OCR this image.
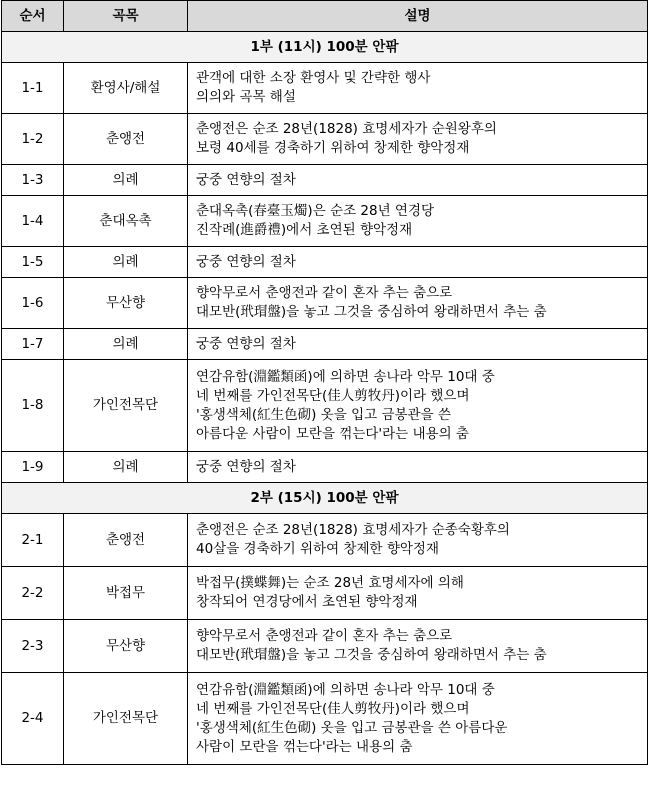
순서	곡목	설명
1부 (11시) 100분 안팎		
1-1	환영사/해설	관객에 대한 소장 환영사 및 간략한 행사
의의와 곡목 해설

1-2	춘앵전	춘앵전은 순조 28년(1828) 효명세자가 순원왕후의
보령 40세를 경축하기 위하여 창제한 향악정재

1-3	의례	궁중 연향의 절차

1-4	춘대옥촉	춘대옥촉(春臺玉燭)은 순조 28년 연경당
진작례(進爵禮)에서 초연된 향악정재

1-5	의례	궁중 연향의 절차

1-6	무산향	향악무로서 춘앵전과 같이 혼자 추는 춤으로
대모반(玳瑁盤)을 놓고 그것을 중심하여 왕래하면서 추는 춤

1-7	의례	궁중 연향의 절차

1-8	가인전목단	연감유함(淵鑑類函)에 의하면 송나라 악무 10대 중
네 번째를 가인전목단(佳人剪牧丹)이라 했으며
'홍생색체(紅生色砌) 옷을 입고 금봉관을 쓴
아름다운 사람이 모란을 꺾는다'라는 내용의 춤

1-9	의례	궁중 연향의 절차

2부 (15시) 100분 안팎		
2-1	춘앵전	춘앵전은 순조 28년(1828) 효명세자가 순종숙황후의
40살을 경축하기 위하여 창제한 향악정재

2-2	박접무	박접무(撲蝶舞)는 순조 28년 효명세자에 의해
창작되어 연경당에서 초연된 향악정재

2-3	무산향	향악무로서 춘앵전과 같이 혼자 추는 춤으로
대모반(玳瑁盤)을 놓고 그것을 중심하여 왕래하면서 추는 춤

2-4	가인전목단	연감유함(淵鑑類函)에 의하면 송나라 악무 10대 중
네 번째를 가인전목단(佳人剪牧丹)이라 했으며
'홍생색체(紅生色砌) 옷을 입고 금봉관을 쓴 아름다운
사람이 모란을 꺾는다'라는 내용의 춤
